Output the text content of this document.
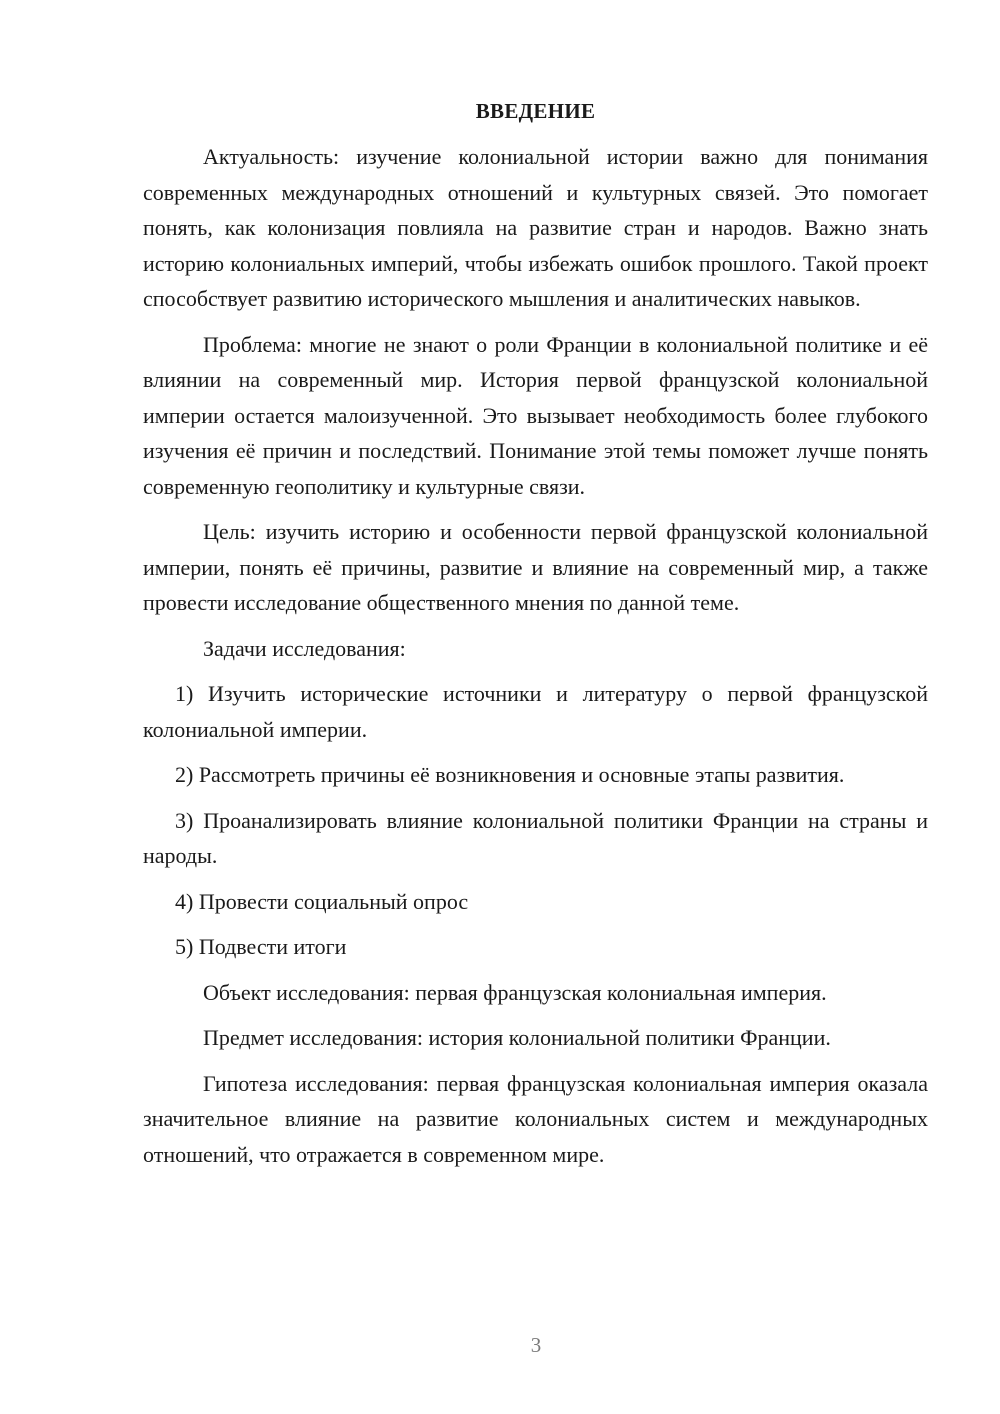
ВВЕДЕНИЕ

Актуальность: изучение колониальной истории важно для понимания современных международных отношений и культурных связей. Это помогает понять, как колонизация повлияла на развитие стран и народов. Важно знать историю колониальных империй, чтобы избежать ошибок прошлого. Такой проект способствует развитию исторического мышления и аналитических навыков.

Проблема: многие не знают о роли Франции в колониальной политике и её влиянии на современный мир. История первой французской колониальной империи остается малоизученной. Это вызывает необходимость более глубокого изучения её причин и последствий. Понимание этой темы поможет лучше понять современную геополитику и культурные связи.

Цель: изучить историю и особенности первой французской колониальной империи, понять её причины, развитие и влияние на современный мир, а также провести исследование общественного мнения по данной теме.

Задачи исследования:

1) Изучить исторические источники и литературу о первой французской колониальной империи.

2) Рассмотреть причины её возникновения и основные этапы развития.

3) Проанализировать влияние колониальной политики Франции на страны и народы.

4) Провести социальный опрос

5) Подвести итоги

Объект исследования: первая французская колониальная империя.

Предмет исследования: история колониальной политики Франции.

Гипотеза исследования: первая французская колониальная империя оказала значительное влияние на развитие колониальных систем и международных отношений, что отражается в современном мире.

3
